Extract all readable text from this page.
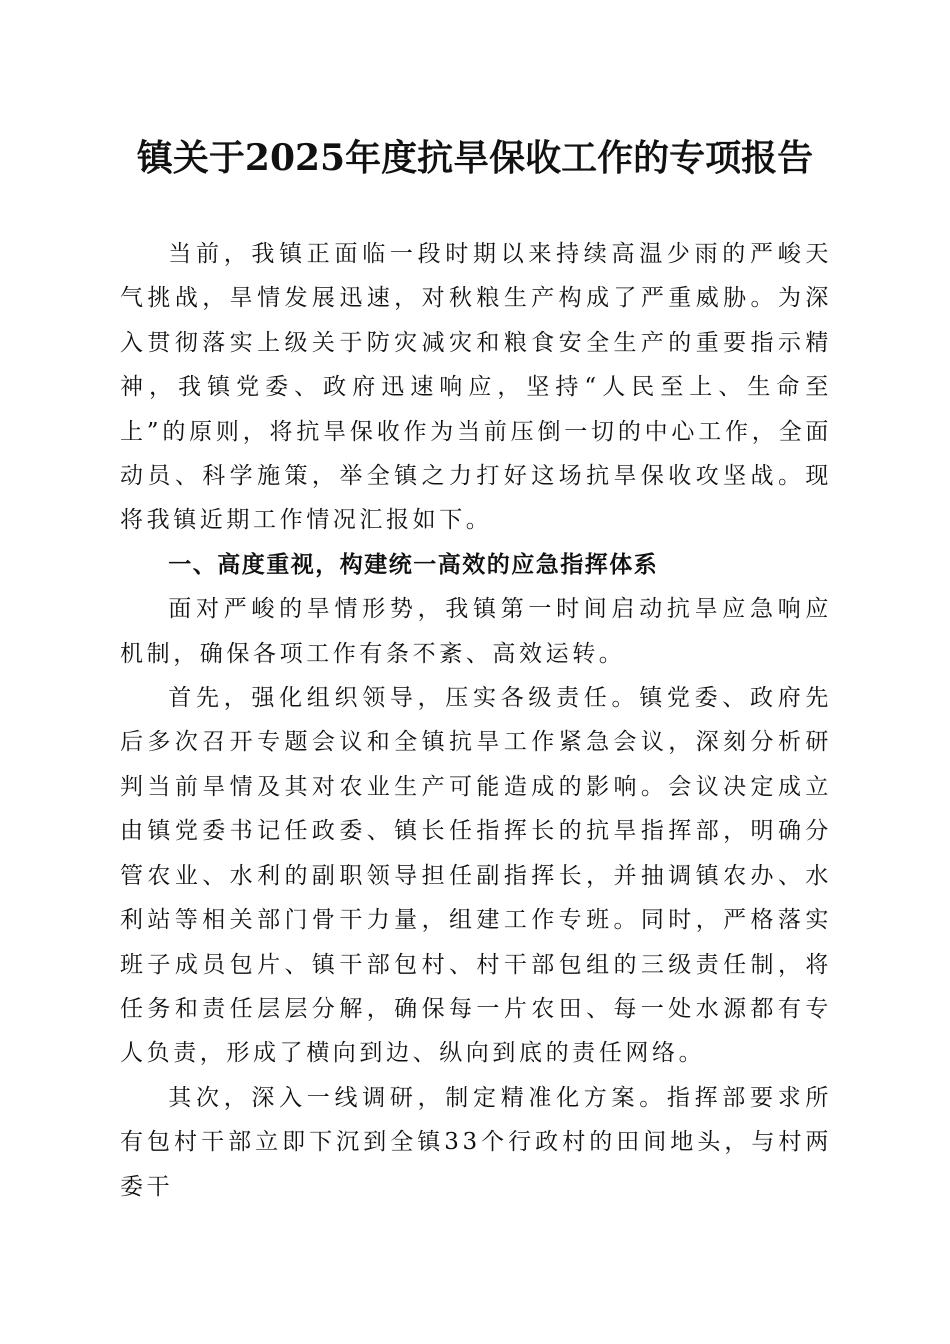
镇关于2025年度抗旱保收工作的专项报告

当前，我镇正面临一段时期以来持续高温少雨的严峻天气挑战，旱情发展迅速，对秋粮生产构成了严重威胁。为深入贯彻落实上级关于防灾减灾和粮食安全生产的重要指示精神，我镇党委、政府迅速响应，坚持“人民至上、生命至上”的原则，将抗旱保收作为当前压倒一切的中心工作，全面动员、科学施策，举全镇之力打好这场抗旱保收攻坚战。现将我镇近期工作情况汇报如下。

一、高度重视，构建统一高效的应急指挥体系

面对严峻的旱情形势，我镇第一时间启动抗旱应急响应机制，确保各项工作有条不紊、高效运转。

首先，强化组织领导，压实各级责任。镇党委、政府先后多次召开专题会议和全镇抗旱工作紧急会议，深刻分析研判当前旱情及其对农业生产可能造成的影响。会议决定成立由镇党委书记任政委、镇长任指挥长的抗旱指挥部，明确分管农业、水利的副职领导担任副指挥长，并抽调镇农办、水利站等相关部门骨干力量，组建工作专班。同时，严格落实班子成员包片、镇干部包村、村干部包组的三级责任制，将任务和责任层层分解，确保每一片农田、每一处水源都有专人负责，形成了横向到边、纵向到底的责任网络。

其次，深入一线调研，制定精准化方案。指挥部要求所有包村干部立即下沉到全镇33个行政村的田间地头，与村两委干
